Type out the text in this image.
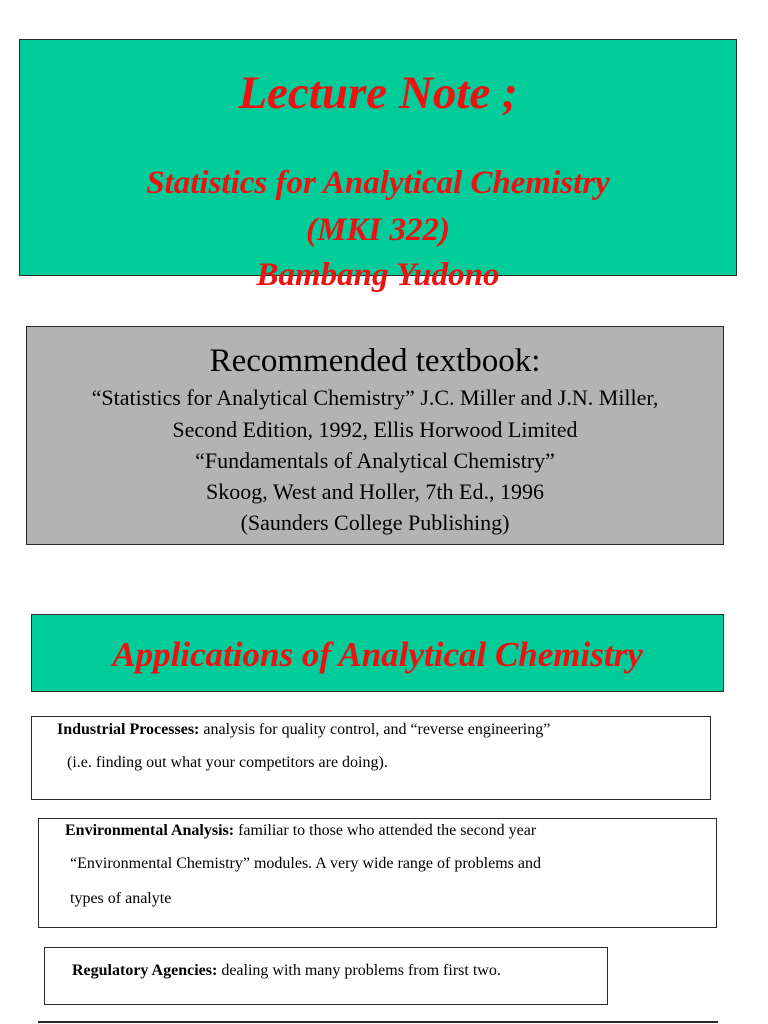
Lecture Note ;
Statistics for Analytical Chemistry
(MKI 322)
Bambang Yudono
Recommended textbook:
“Statistics for Analytical Chemistry” J.C. Miller and J.N. Miller,
Second Edition, 1992, Ellis Horwood Limited
“Fundamentals of Analytical Chemistry”
Skoog, West and Holler, 7th Ed., 1996
(Saunders College Publishing)
Applications of Analytical Chemistry
Industrial Processes: analysis for quality control, and “reverse engineering”
(i.e. finding out what your competitors are doing).
Environmental Analysis: familiar to those who attended the second year
“Environmental Chemistry” modules. A very wide range of problems and
types of analyte
Regulatory Agencies: dealing with many problems from first two.
